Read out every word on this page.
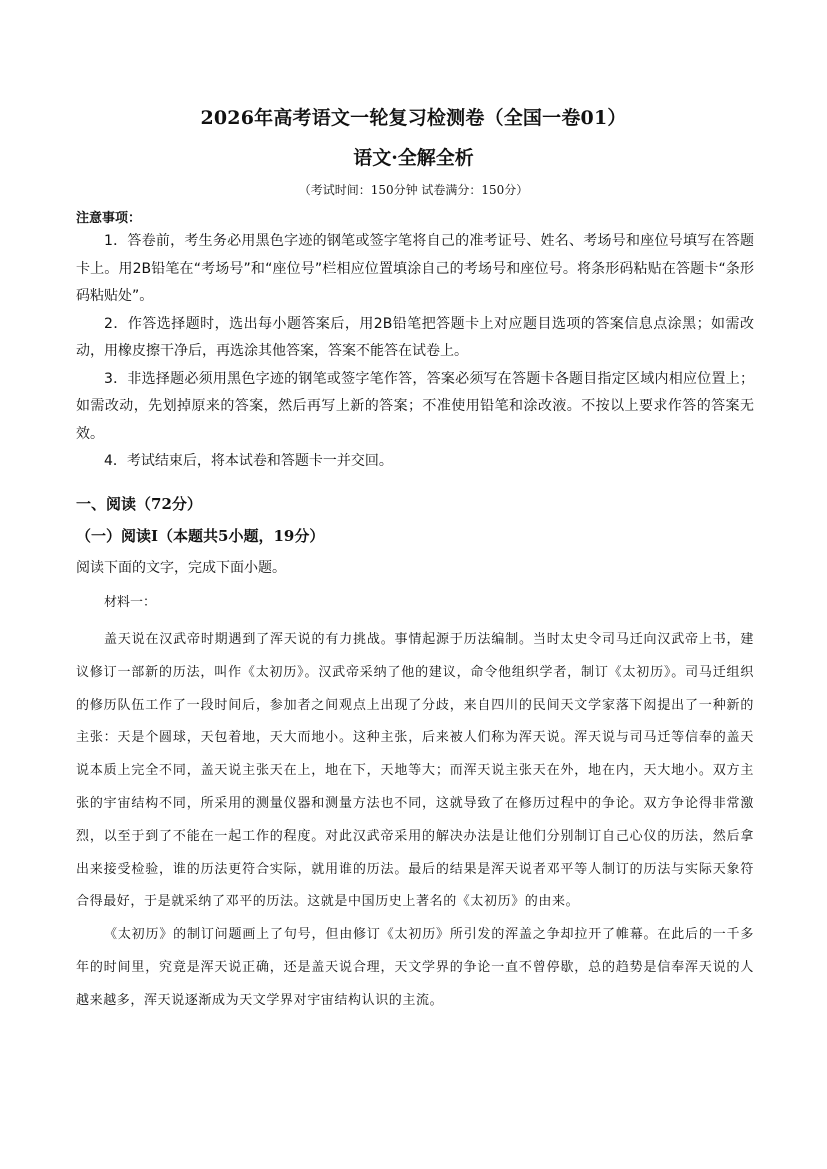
2026年高考语文一轮复习检测卷（全国一卷01）
语文·全解全析
（考试时间：150分钟 试卷满分：150分）
注意事项：

1．答卷前，考生务必用黑色字迹的钢笔或签字笔将自己的准考证号、姓名、考场号和座位号填写在答题卡上。用2B铅笔在“考场号”和“座位号”栏相应位置填涂自己的考场号和座位号。将条形码粘贴在答题卡“条形码粘贴处”。

2．作答选择题时，选出每小题答案后，用2B铅笔把答题卡上对应题目选项的答案信息点涂黑；如需改动，用橡皮擦干净后，再选涂其他答案，答案不能答在试卷上。

3．非选择题必须用黑色字迹的钢笔或签字笔作答，答案必须写在答题卡各题目指定区域内相应位置上；如需改动，先划掉原来的答案，然后再写上新的答案；不准使用铅笔和涂改液。不按以上要求作答的答案无效。

4．考试结束后，将本试卷和答题卡一并交回。

一、阅读（72分）
（一）阅读I（本题共5小题，19分）
阅读下面的文字，完成下面小题。

材料一：

盖天说在汉武帝时期遇到了浑天说的有力挑战。事情起源于历法编制。当时太史令司马迁向汉武帝上书，建议修订一部新的历法，叫作《太初历》。汉武帝采纳了他的建议，命令他组织学者，制订《太初历》。司马迁组织的修历队伍工作了一段时间后，参加者之间观点上出现了分歧，来自四川的民间天文学家落下闳提出了一种新的主张：天是个圆球，天包着地，天大而地小。这种主张，后来被人们称为浑天说。浑天说与司马迁等信奉的盖天说本质上完全不同，盖天说主张天在上，地在下，天地等大；而浑天说主张天在外，地在内，天大地小。双方主张的宇宙结构不同，所采用的测量仪器和测量方法也不同，这就导致了在修历过程中的争论。双方争论得非常激烈，以至于到了不能在一起工作的程度。对此汉武帝采用的解决办法是让他们分别制订自己心仪的历法，然后拿出来接受检验，谁的历法更符合实际，就用谁的历法。最后的结果是浑天说者邓平等人制订的历法与实际天象符合得最好，于是就采纳了邓平的历法。这就是中国历史上著名的《太初历》的由来。

《太初历》的制订问题画上了句号，但由修订《太初历》所引发的浑盖之争却拉开了帷幕。在此后的一千多年的时间里，究竟是浑天说正确，还是盖天说合理，天文学界的争论一直不曾停歇，总的趋势是信奉浑天说的人越来越多，浑天说逐渐成为天文学界对宇宙结构认识的主流。
